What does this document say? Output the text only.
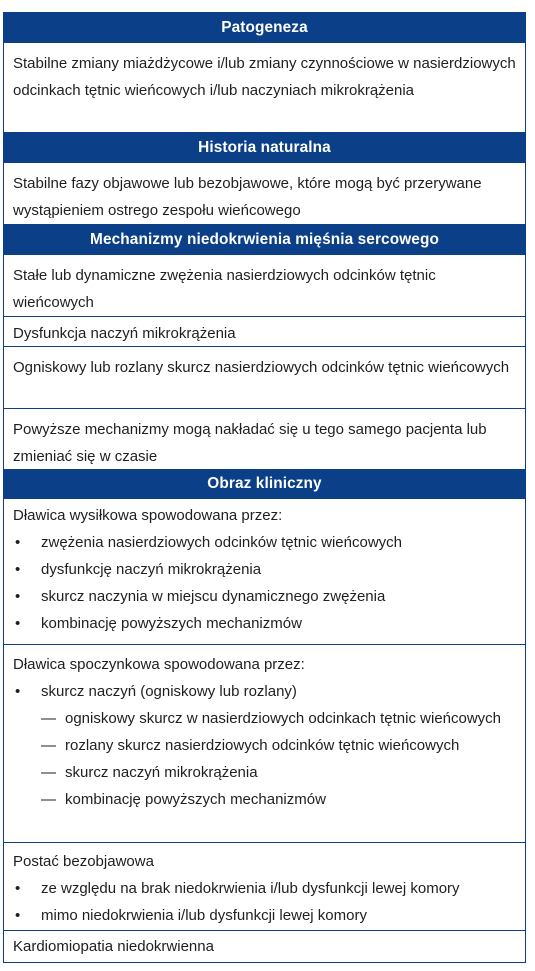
Patogeneza
Stabilne zmiany miażdżycowe i/lub zmiany czynnościowe w nasierdziowych odcinkach tętnic wieńcowych i/lub naczyniach mikrokrążenia
Historia naturalna
Stabilne fazy objawowe lub bezobjawowe, które mogą być przerywane wystąpieniem ostrego zespołu wieńcowego
Mechanizmy niedokrwienia mięśnia sercowego
Stałe lub dynamiczne zwężenia nasierdziowych odcinków tętnic wieńcowych
Dysfunkcja naczyń mikrokrążenia
Ogniskowy lub rozlany skurcz nasierdziowych odcinków tętnic wieńcowych
Powyższe mechanizmy mogą nakładać się u tego samego pacjenta lub zmieniać się w czasie
Obraz kliniczny
Dławica wysiłkowa spowodowana przez:
• zwężenia nasierdziowych odcinków tętnic wieńcowych
• dysfunkcję naczyń mikrokrążenia
• skurcz naczynia w miejscu dynamicznego zwężenia
• kombinację powyższych mechanizmów
Dławica spoczynkowa spowodowana przez:
• skurcz naczyń (ogniskowy lub rozlany)
— ogniskowy skurcz w nasierdziowych odcinkach tętnic wieńcowych
— rozlany skurcz nasierdziowych odcinków tętnic wieńcowych
— skurcz naczyń mikrokrążenia
— kombinację powyższych mechanizmów
Postać bezobjawowa
• ze względu na brak niedokrwienia i/lub dysfunkcji lewej komory
• mimo niedokrwienia i/lub dysfunkcji lewej komory
Kardiomiopatia niedokrwienna
